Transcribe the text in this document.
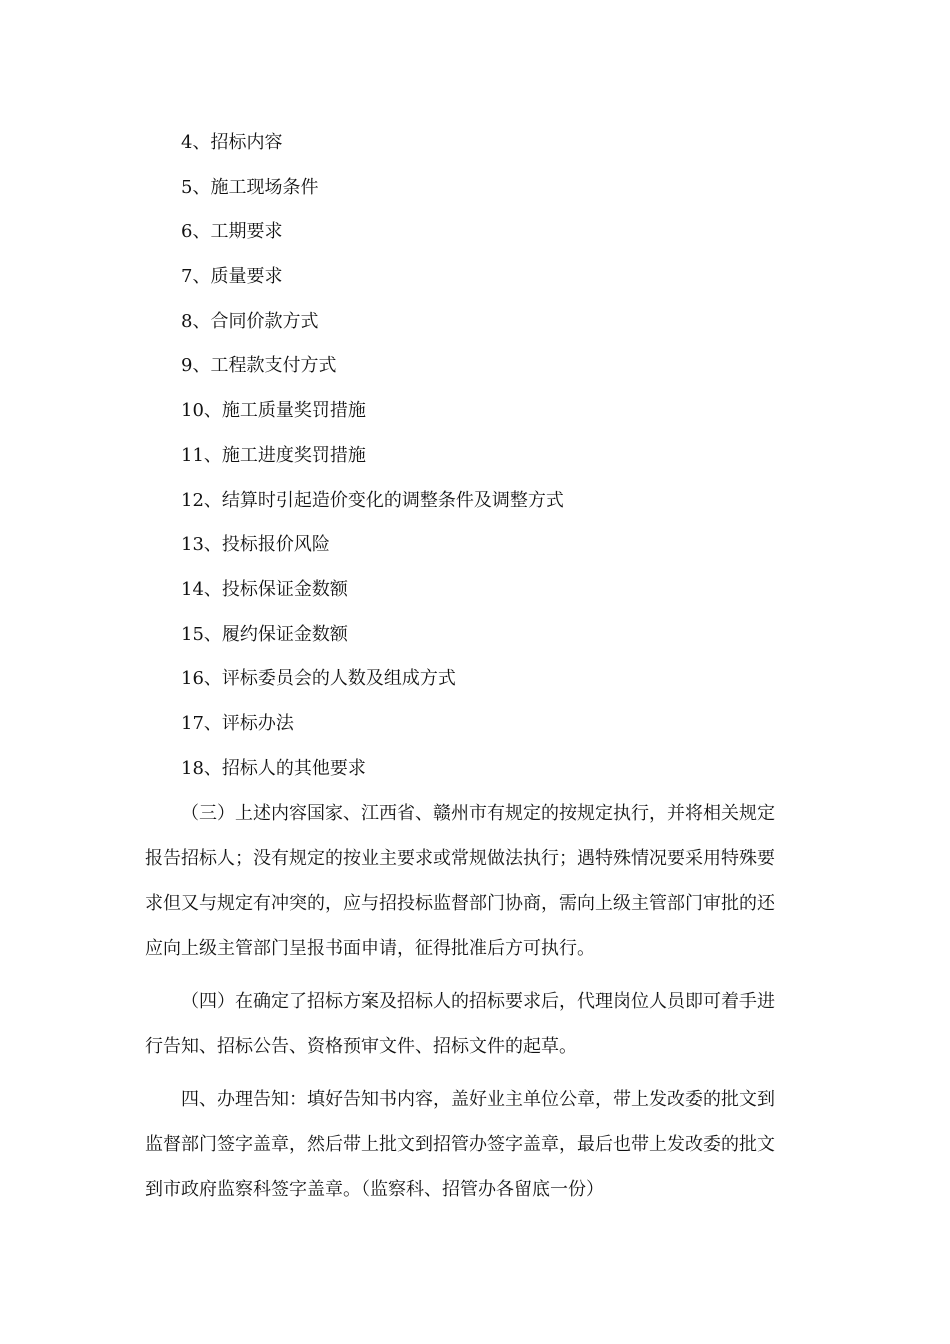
4、招标内容
5、施工现场条件
6、工期要求
7、质量要求
8、合同价款方式
9、工程款支付方式
10、施工质量奖罚措施
11、施工进度奖罚措施
12、结算时引起造价变化的调整条件及调整方式
13、投标报价风险
14、投标保证金数额
15、履约保证金数额
16、评标委员会的人数及组成方式
17、评标办法
18、招标人的其他要求
（三）上述内容国家、江西省、赣州市有规定的按规定执行，并将相关规定
报告招标人；没有规定的按业主要求或常规做法执行；遇特殊情况要采用特殊要
求但又与规定有冲突的，应与招投标监督部门协商，需向上级主管部门审批的还
应向上级主管部门呈报书面申请，征得批准后方可执行。
（四）在确定了招标方案及招标人的招标要求后，代理岗位人员即可着手进
行告知、招标公告、资格预审文件、招标文件的起草。
四、办理告知：填好告知书内容，盖好业主单位公章，带上发改委的批文到
监督部门签字盖章，然后带上批文到招管办签字盖章，最后也带上发改委的批文
到市政府监察科签字盖章。（监察科、招管办各留底一份）
